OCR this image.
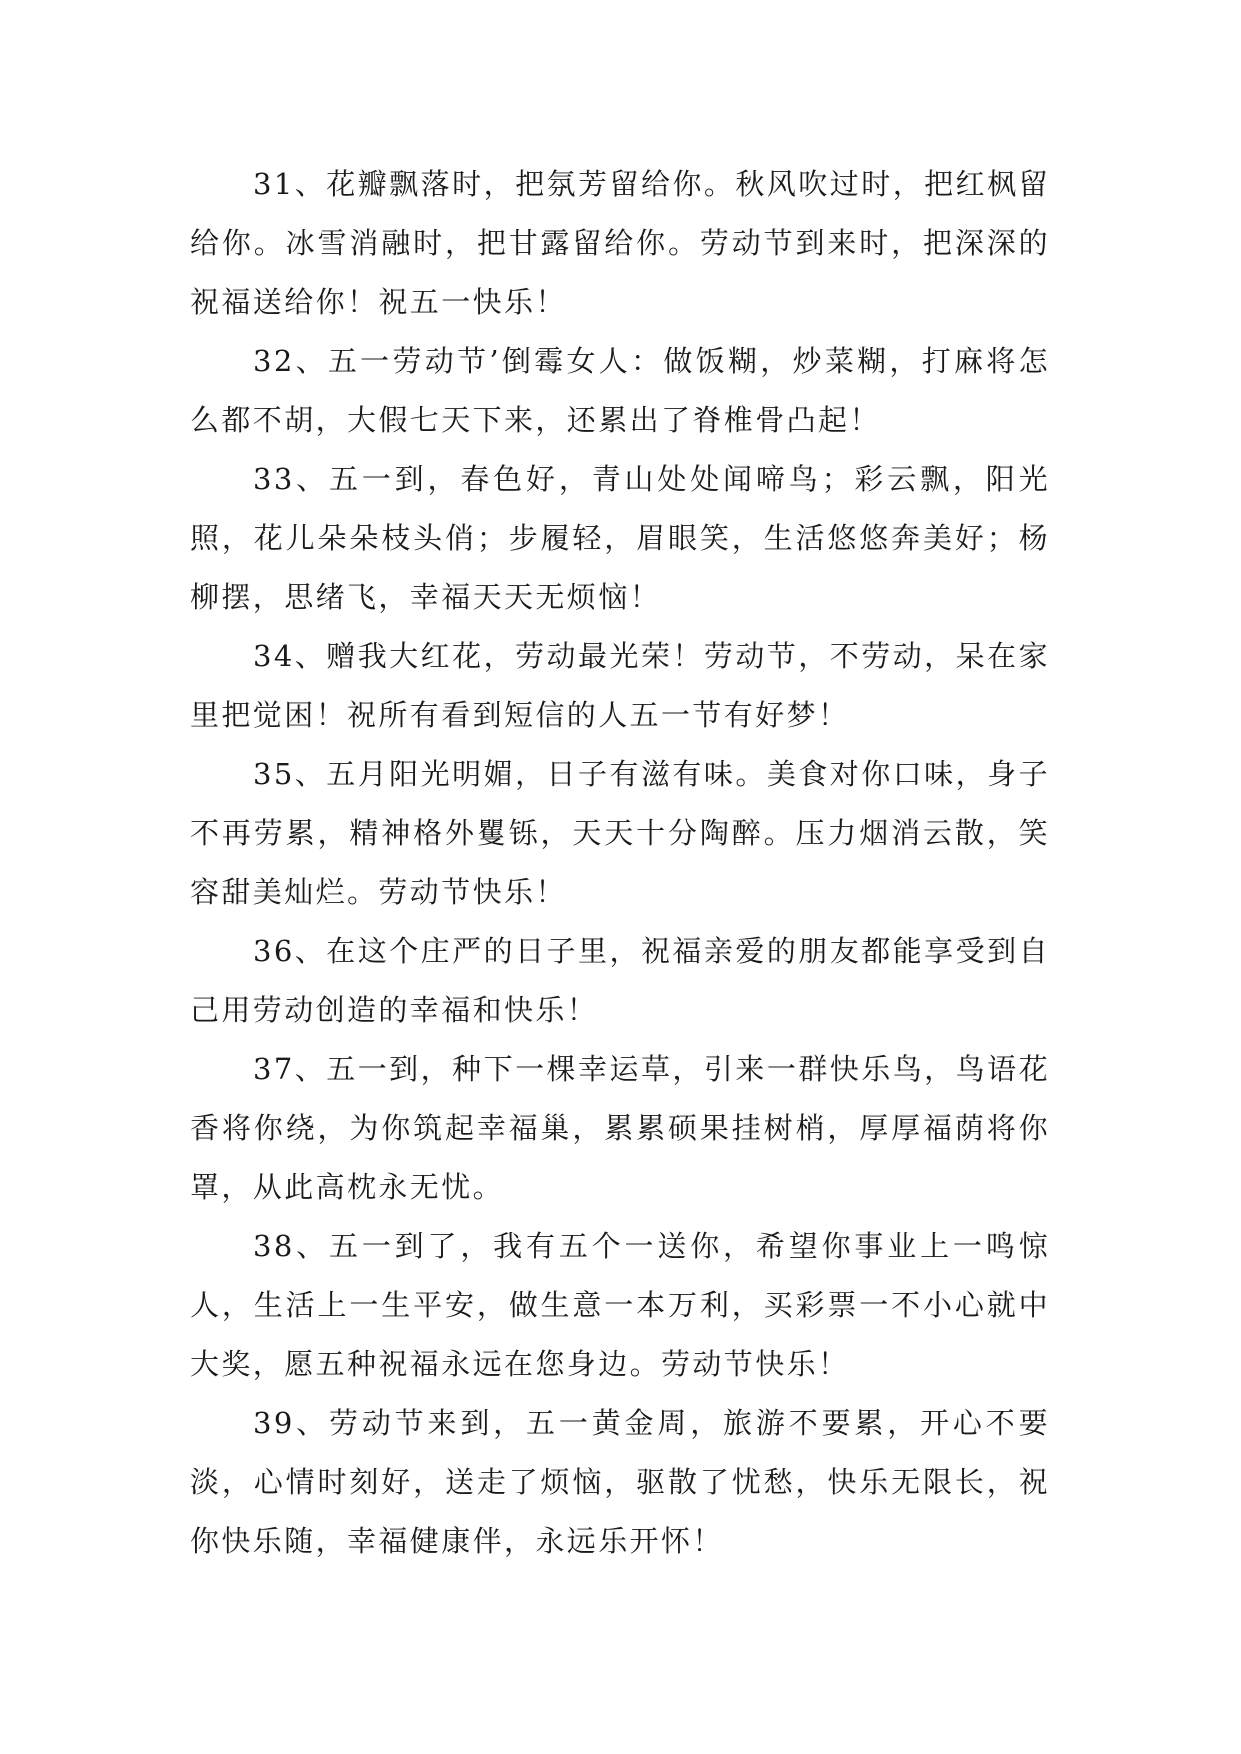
31、花瓣飘落时，把氛芳留给你。秋风吹过时，把红枫留给你。冰雪消融时，把甘露留给你。劳动节到来时，把深深的祝福送给你！祝五一快乐！

32、五一劳动节’倒霉女人：做饭糊，炒菜糊，打麻将怎么都不胡，大假七天下来，还累出了脊椎骨凸起！

33、五一到，春色好，青山处处闻啼鸟；彩云飘，阳光照，花儿朵朵枝头俏；步履轻，眉眼笑，生活悠悠奔美好；杨柳摆，思绪飞，幸福天天无烦恼！

34、赠我大红花，劳动最光荣！劳动节，不劳动，呆在家里把觉困！祝所有看到短信的人五一节有好梦！

35、五月阳光明媚，日子有滋有味。美食对你口味，身子不再劳累，精神格外矍铄，天天十分陶醉。压力烟消云散，笑容甜美灿烂。劳动节快乐！

36、在这个庄严的日子里，祝福亲爱的朋友都能享受到自己用劳动创造的幸福和快乐！

37、五一到，种下一棵幸运草，引来一群快乐鸟，鸟语花香将你绕，为你筑起幸福巢，累累硕果挂树梢，厚厚福荫将你罩，从此高枕永无忧。

38、五一到了，我有五个一送你，希望你事业上一鸣惊人，生活上一生平安，做生意一本万利，买彩票一不小心就中大奖，愿五种祝福永远在您身边。劳动节快乐！

39、劳动节来到，五一黄金周，旅游不要累，开心不要淡，心情时刻好，送走了烦恼，驱散了忧愁，快乐无限长，祝你快乐随，幸福健康伴，永远乐开怀！
